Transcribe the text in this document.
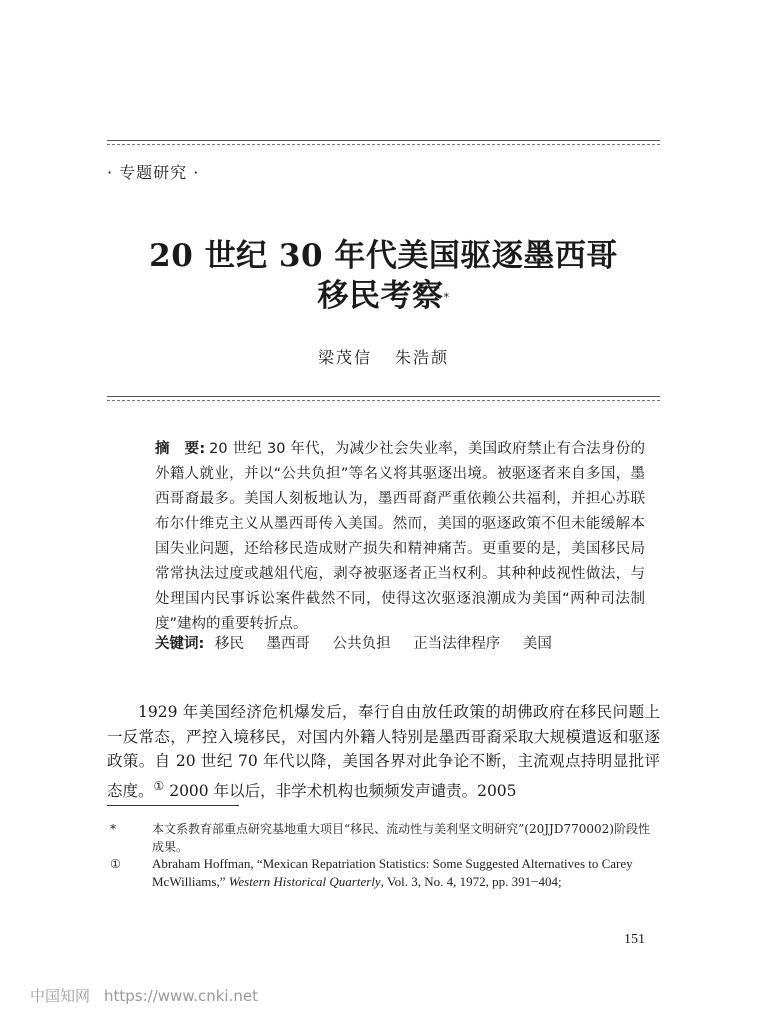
· 专题研究 ·
20 世纪 30 年代美国驱逐墨西哥
移民考察*
梁茂信 朱浩颉
摘　要: 20 世纪 30 年代，为减少社会失业率，美国政府禁止有合法身份的外籍人就业，并以“公共负担”等名义将其驱逐出境。被驱逐者来自多国，墨西哥裔最多。美国人刻板地认为，墨西哥裔严重依赖公共福利，并担心苏联布尔什维克主义从墨西哥传入美国。然而，美国的驱逐政策不但未能缓解本国失业问题，还给移民造成财产损失和精神痛苦。更重要的是，美国移民局常常执法过度或越俎代庖，剥夺被驱逐者正当权利。其种种歧视性做法，与处理国内民事诉讼案件截然不同，使得这次驱逐浪潮成为美国“两种司法制度”建构的重要转折点。
关键词: 移民 墨西哥 公共负担 正当法律程序 美国
1929 年美国经济危机爆发后，奉行自由放任政策的胡佛政府在移民问题上一反常态，严控入境移民，对国内外籍人特别是墨西哥裔采取大规模遣返和驱逐政策。自 20 世纪 70 年代以降，美国各界对此争论不断，主流观点持明显批评态度。① 2000 年以后，非学术机构也频频发声谴责。2005
*	本文系教育部重点研究基地重大项目“移民、流动性与美利坚文明研究”(20JJD770002)阶段性成果。
①	Abraham Hoffman, “Mexican Repatriation Statistics: Some Suggested Alternatives to Carey McWilliams,” Western Historical Quarterly, Vol. 3, No. 4, 1972, pp. 391−404;
151
中国知网 https://www.cnki.net
